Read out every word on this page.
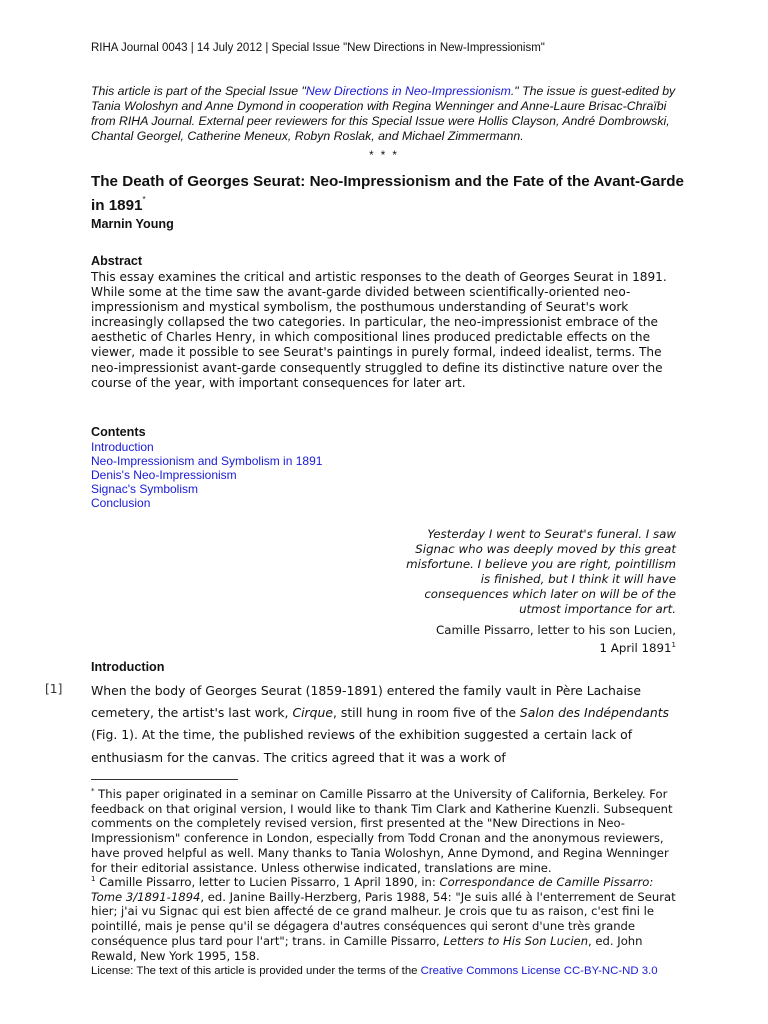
RIHA Journal 0043 | 14 July 2012 | Special Issue "New Directions in New-Impressionism"
This article is part of the Special Issue "New Directions in Neo-Impressionism." The issue is guest-edited by Tania Woloshyn and Anne Dymond in cooperation with Regina Wenninger and Anne-Laure Brisac-Chraïbi from RIHA Journal. External peer reviewers for this Special Issue were Hollis Clayson, André Dombrowski, Chantal Georgel, Catherine Meneux, Robyn Roslak, and Michael Zimmermann.
* * *
The Death of Georges Seurat: Neo-Impressionism and the Fate of the Avant-Garde in 1891*
Marnin Young
Abstract
This essay examines the critical and artistic responses to the death of Georges Seurat in 1891. While some at the time saw the avant-garde divided between scientifically-oriented neo-impressionism and mystical symbolism, the posthumous understanding of Seurat's work increasingly collapsed the two categories. In particular, the neo-impressionist embrace of the aesthetic of Charles Henry, in which compositional lines produced predictable effects on the viewer, made it possible to see Seurat's paintings in purely formal, indeed idealist, terms. The neo-impressionist avant-garde consequently struggled to define its distinctive nature over the course of the year, with important consequences for later art.
Contents
Introduction
Neo-Impressionism and Symbolism in 1891
Denis's Neo-Impressionism
Signac's Symbolism
Conclusion
Yesterday I went to Seurat's funeral. I saw
Signac who was deeply moved by this great
misfortune. I believe you are right, pointillism
is finished, but I think it will have
consequences which later on will be of the
utmost importance for art.
Camille Pissarro, letter to his son Lucien,
1 April 1891$^1$
Introduction
[1] When the body of Georges Seurat (1859-1891) entered the family vault in Père Lachaise cemetery, the artist's last work, Cirque, still hung in room five of the Salon des Indépendants (Fig. 1). At the time, the published reviews of the exhibition suggested a certain lack of enthusiasm for the canvas. The critics agreed that it was a work of
* This paper originated in a seminar on Camille Pissarro at the University of California, Berkeley. For feedback on that original version, I would like to thank Tim Clark and Katherine Kuenzli. Subsequent comments on the completely revised version, first presented at the "New Directions in Neo-Impressionism" conference in London, especially from Todd Cronan and the anonymous reviewers, have proved helpful as well. Many thanks to Tania Woloshyn, Anne Dymond, and Regina Wenninger for their editorial assistance. Unless otherwise indicated, translations are mine.
$^1$ Camille Pissarro, letter to Lucien Pissarro, 1 April 1890, in: Correspondance de Camille Pissarro: Tome 3/1891-1894, ed. Janine Bailly-Herzberg, Paris 1988, 54: "Je suis allé à l'enterrement de Seurat hier; j'ai vu Signac qui est bien affecté de ce grand malheur. Je crois que tu as raison, c'est fini le pointillé, mais je pense qu'il se dégagera d'autres conséquences qui seront d'une très grande conséquence plus tard pour l'art"; trans. in Camille Pissarro, Letters to His Son Lucien, ed. John Rewald, New York 1995, 158.
License: The text of this article is provided under the terms of the Creative Commons License CC-BY-NC-ND 3.0
